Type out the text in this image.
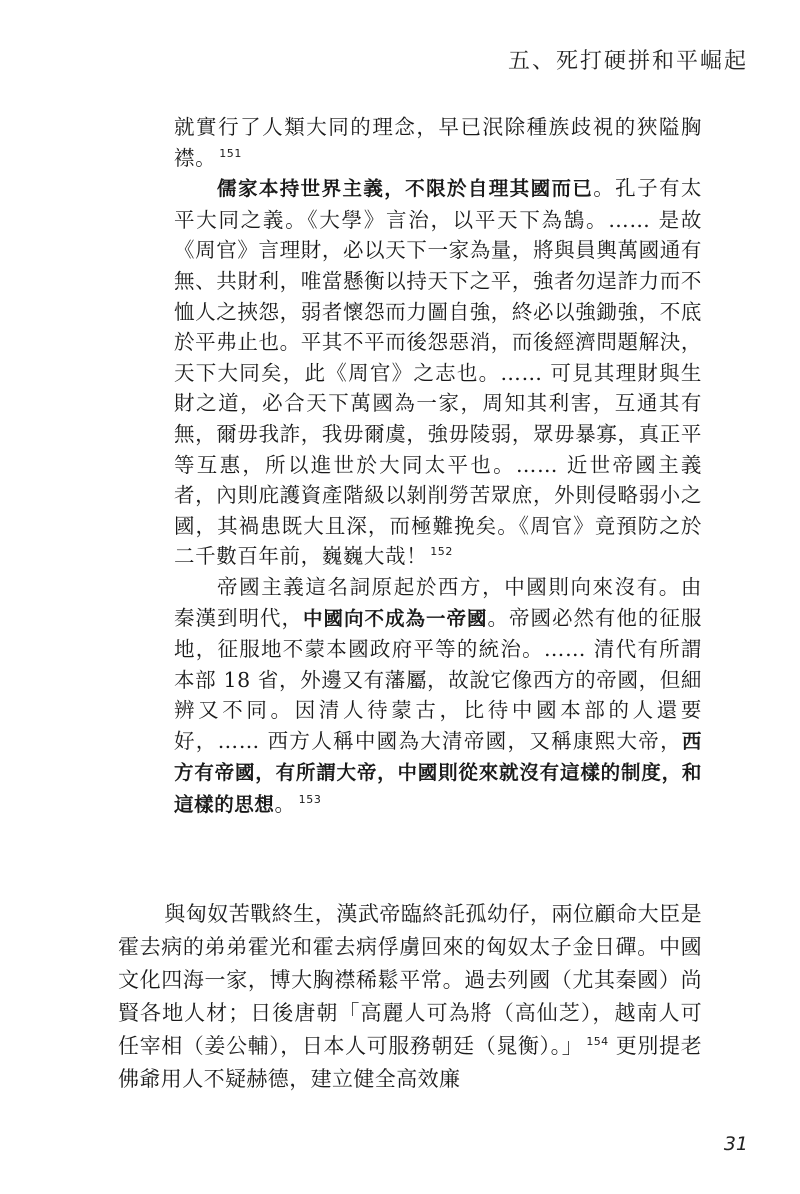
五、死打硬拼和平崛起

就實行了人類大同的理念，早已泯除種族歧視的狹隘胸襟。 $^{151}$

儒家本持世界主義，不限於自理其國而已。孔子有太平大同之義。《大學》言治，以平天下為鵠。…… 是故《周官》言理財，必以天下一家為量，將與員輿萬國通有無、共財利，唯當懸衡以持天下之平，強者勿逞詐力而不恤人之挾怨，弱者懷怨而力圖自強，終必以強鋤強，不底於平弗止也。平其不平而後怨惡消，而後經濟問題解決，天下大同矣，此《周官》之志也。…… 可見其理財與生財之道，必合天下萬國為一家，周知其利害，互通其有無，爾毋我詐，我毋爾虞，強毋陵弱，眾毋暴寡，真正平等互惠，所以進世於大同太平也。…… 近世帝國主義者，內則庇護資產階級以剝削勞苦眾庶，外則侵略弱小之國，其禍患既大且深，而極難挽矣。《周官》竟預防之於二千數百年前，巍巍大哉！ $^{152}$

帝國主義這名詞原起於西方，中國則向來沒有。由秦漢到明代，中國向不成為一帝國。帝國必然有他的征服地，征服地不蒙本國政府平等的統治。…… 清代有所謂本部 18 省，外邊又有藩屬，故說它像西方的帝國，但細辨又不同。因清人待蒙古，比待中國本部的人還要好，…… 西方人稱中國為大清帝國，又稱康熙大帝，西方有帝國，有所謂大帝，中國則從來就沒有這樣的制度，和這樣的思想。 $^{153}$

與匈奴苦戰終生，漢武帝臨終託孤幼仔，兩位顧命大臣是霍去病的弟弟霍光和霍去病俘虜回來的匈奴太子金日磾。中國文化四海一家，博大胸襟稀鬆平常。過去列國（尤其秦國）尚賢各地人材；日後唐朝「高麗人可為將（高仙芝），越南人可任宰相（姜公輔），日本人可服務朝廷（晁衡）。」 $^{154}$ 更別提老佛爺用人不疑赫德，建立健全高效廉

31
